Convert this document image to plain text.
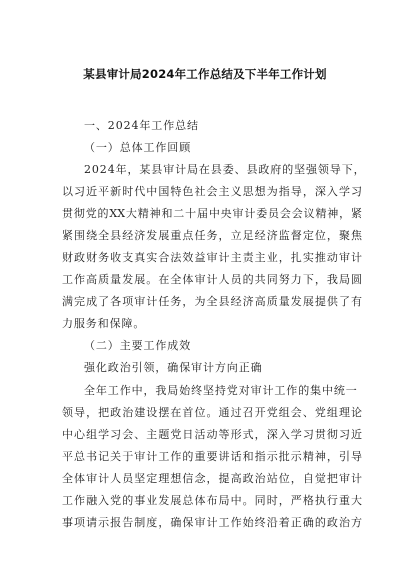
某县审计局2024年工作总结及下半年工作计划
一、2024年工作总结
（一）总体工作回顾
2024年，某县审计局在县委、县政府的坚强领导下，
以习近平新时代中国特色社会主义思想为指导，深入学习
贯彻党的XX大精神和二十届中央审计委员会会议精神，紧
紧围绕全县经济发展重点任务，立足经济监督定位，聚焦
财政财务收支真实合法效益审计主责主业，扎实推动审计
工作高质量发展。在全体审计人员的共同努力下，我局圆
满完成了各项审计任务，为全县经济高质量发展提供了有
力服务和保障。
（二）主要工作成效
强化政治引领，确保审计方向正确
全年工作中，我局始终坚持党对审计工作的集中统一
领导，把政治建设摆在首位。通过召开党组会、党组理论
中心组学习会、主题党日活动等形式，深入学习贯彻习近
平总书记关于审计工作的重要讲话和指示批示精神，引导
全体审计人员坚定理想信念，提高政治站位，自觉把审计
工作融入党的事业发展总体布局中。同时，严格执行重大
事项请示报告制度，确保审计工作始终沿着正确的政治方
